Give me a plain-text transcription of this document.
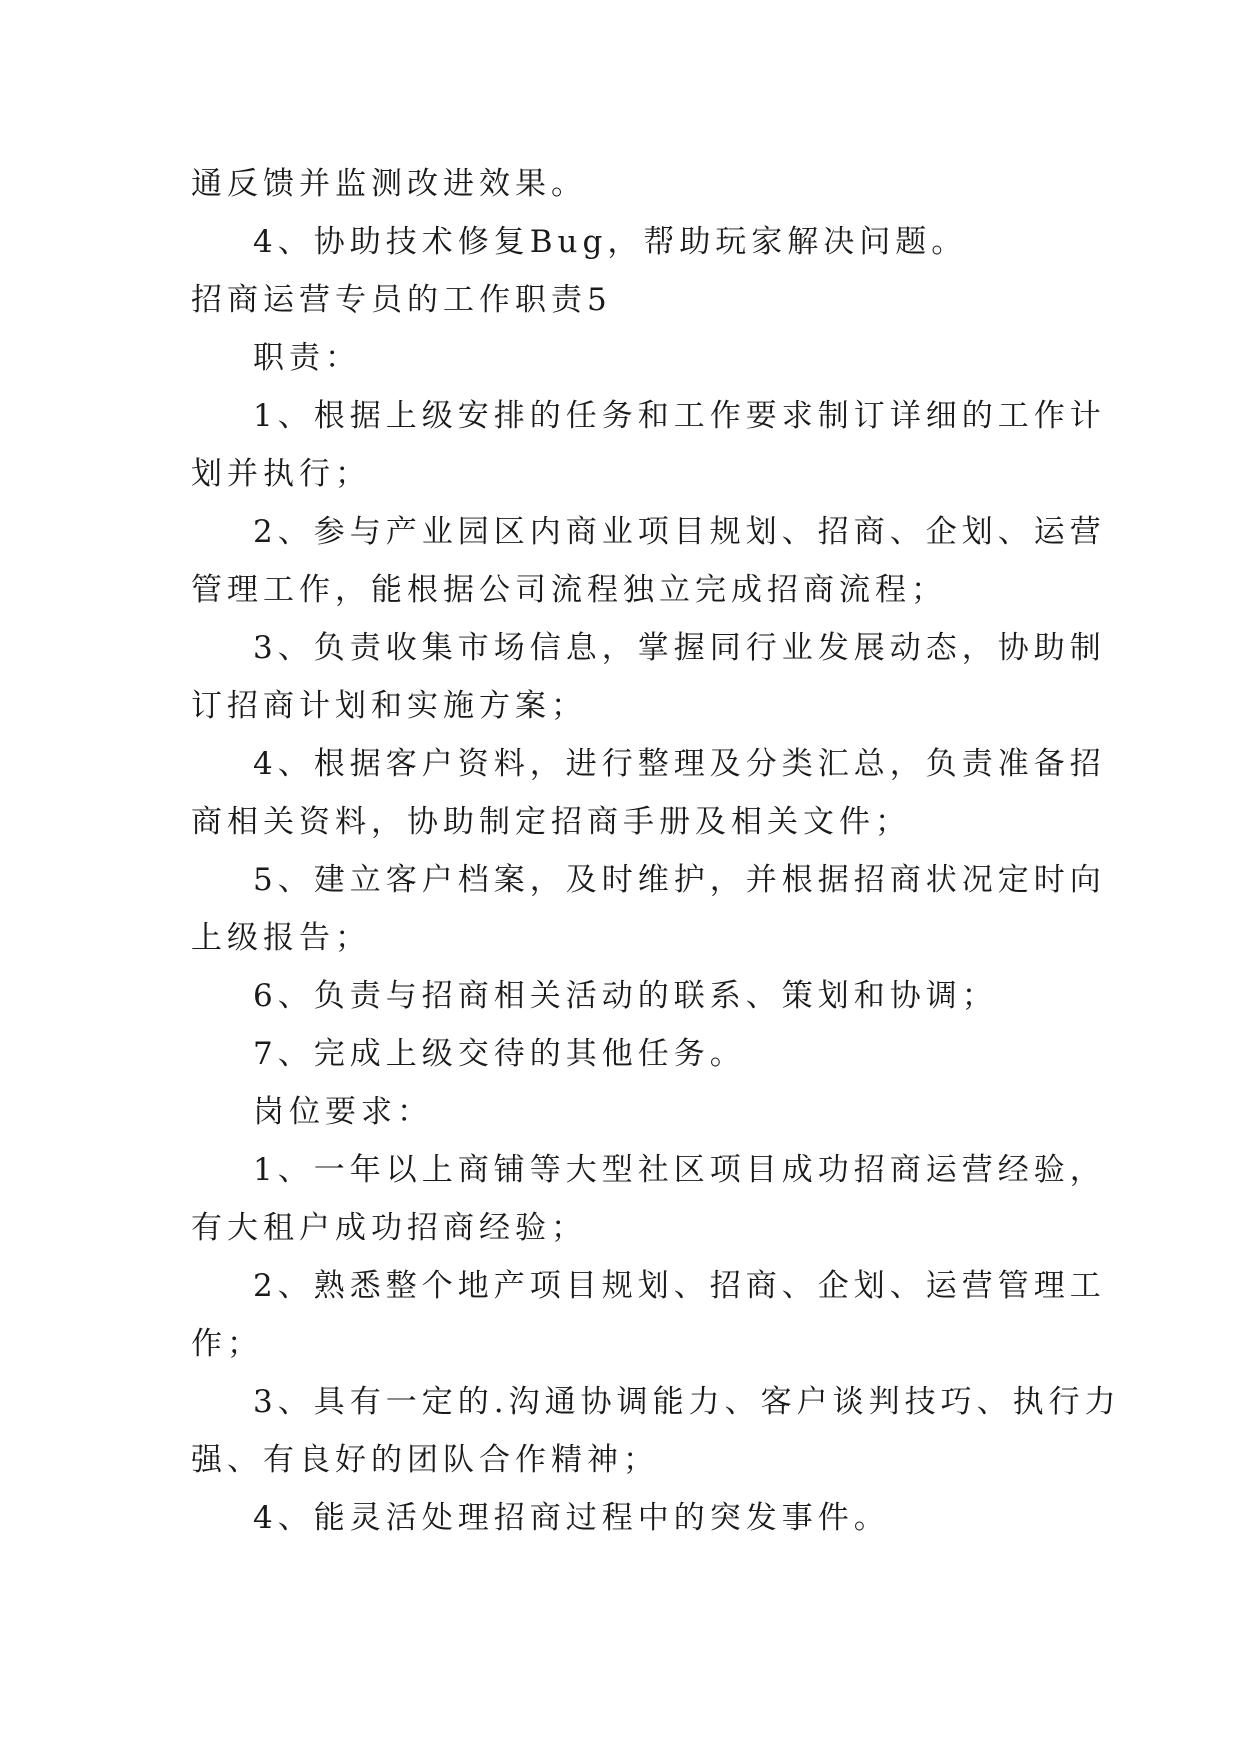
通反馈并监测改进效果。
4、协助技术修复Bug，帮助玩家解决问题。
招商运营专员的工作职责5
职责：
1、根据上级安排的任务和工作要求制订详细的工作计
划并执行；
2、参与产业园区内商业项目规划、招商、企划、运营
管理工作，能根据公司流程独立完成招商流程；
3、负责收集市场信息，掌握同行业发展动态，协助制
订招商计划和实施方案；
4、根据客户资料，进行整理及分类汇总，负责准备招
商相关资料，协助制定招商手册及相关文件；
5、建立客户档案，及时维护，并根据招商状况定时向
上级报告；
6、负责与招商相关活动的联系、策划和协调；
7、完成上级交待的其他任务。
岗位要求：
1、一年以上商铺等大型社区项目成功招商运营经验，
有大租户成功招商经验；
2、熟悉整个地产项目规划、招商、企划、运营管理工
作；
3、具有一定的.沟通协调能力、客户谈判技巧、执行力
强、有良好的团队合作精神；
4、能灵活处理招商过程中的突发事件。
